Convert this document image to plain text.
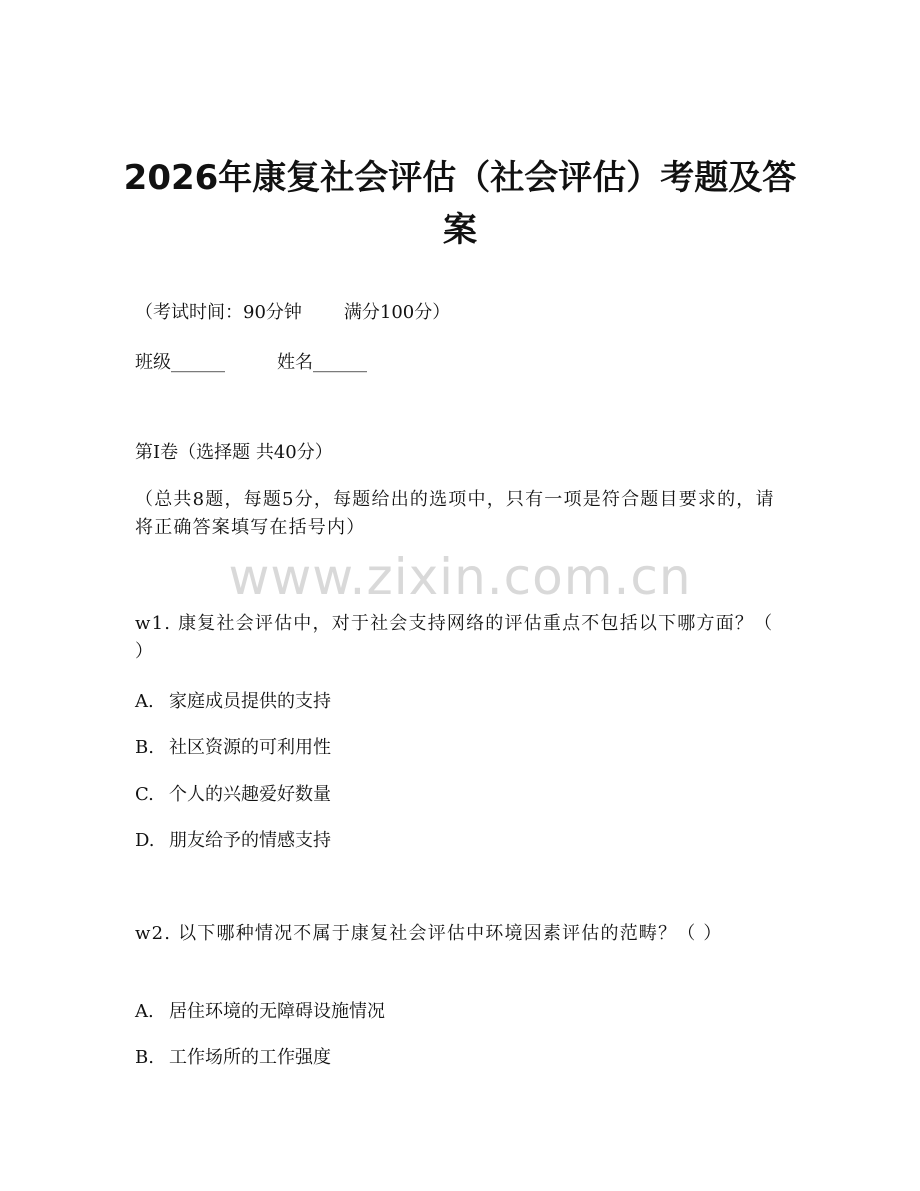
www.zixin.com.cn
2026年康复社会评估（社会评估）考题及答案
（考试时间：90分钟 满分100分）
班级______	姓名______
第I卷（选择题 共40分）
（总共8题，每题5分，每题给出的选项中，只有一项是符合题目要求的，请将正确答案填写在括号内）
w1. 康复社会评估中，对于社会支持网络的评估重点不包括以下哪方面？（ ）
A. 家庭成员提供的支持
B. 社区资源的可利用性
C. 个人的兴趣爱好数量
D. 朋友给予的情感支持
w2. 以下哪种情况不属于康复社会评估中环境因素评估的范畴？（ ）
A. 居住环境的无障碍设施情况
B. 工作场所的工作强度
